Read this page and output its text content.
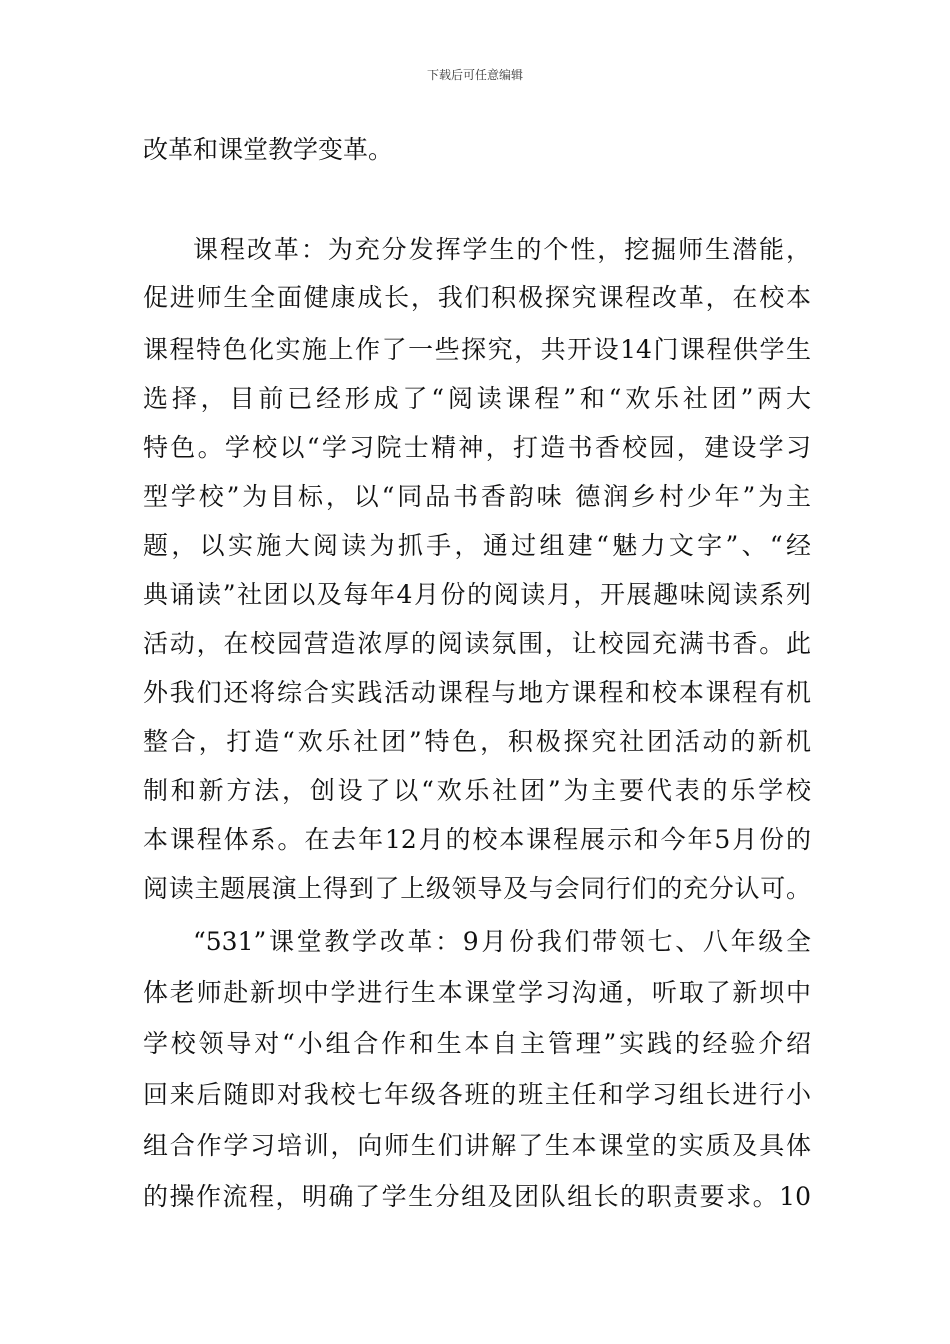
下载后可任意编辑
改革和课堂教学变革。
课程改革：为充分发挥学生的个性，挖掘师生潜能，
促进师生全面健康成长，我们积极探究课程改革，在校本
课程特色化实施上作了一些探究，共开设14门课程供学生
选择，目前已经形成了“阅读课程”和“欢乐社团”两大
特色。学校以“学习院士精神，打造书香校园，建设学习
型学校”为目标，以“同品书香韵味 德润乡村少年”为主
题，以实施大阅读为抓手，通过组建“魅力文字”、“经
典诵读”社团以及每年4月份的阅读月，开展趣味阅读系列
活动，在校园营造浓厚的阅读氛围，让校园充满书香。此
外我们还将综合实践活动课程与地方课程和校本课程有机
整合，打造“欢乐社团”特色，积极探究社团活动的新机
制和新方法，创设了以“欢乐社团”为主要代表的乐学校
本课程体系。在去年12月的校本课程展示和今年5月份的
阅读主题展演上得到了上级领导及与会同行们的充分认可。
“531”课堂教学改革：9月份我们带领七、八年级全
体老师赴新坝中学进行生本课堂学习沟通，听取了新坝中
学校领导对“小组合作和生本自主管理”实践的经验介绍
回来后随即对我校七年级各班的班主任和学习组长进行小
组合作学习培训，向师生们讲解了生本课堂的实质及具体
的操作流程，明确了学生分组及团队组长的职责要求。10
